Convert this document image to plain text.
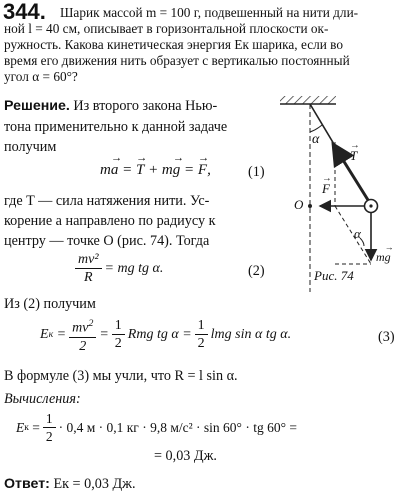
344. Шарик массой m = 100 г, подвешенный на нити дли-
ной l = 40 см, описывает в горизонтальной плоскости ок-
ружность. Какова кинетическая энергия Eк шарика, если во
время его движения нить образует с вертикалью постоянный
угол α = 60°?
Решение. Из второго закона Нью-
тона применительно к данной задаче
получим
m→ a = → T + m→ g = → F,	(1)
где T — сила натяжения нити. Ус-
корение a направлено по радиусу к
центру — точке O (рис. 74). Тогда
$\frac{\text{mv²}}{R}$ = mg tg α.	(2)
Из (2) получим
E $к = \frac{mv^2}{2} = \frac{1}{2}$ Rmg tg $\alpha = \frac{1}{2}$ lmg sin α tg α.	(3)
В формуле (3) мы учли, что R = l sin α.
Вычисления:
E $к = \frac{1}{2} \cdot 0,4$ м · 0,1 кг · 9,8 м/с² · sin 60° · tg 60° =
= 0,03 Дж.
Ответ: Eк = 0,03 Дж.
α
→ T
→ F
O
α
m→ g
Рис. 74
